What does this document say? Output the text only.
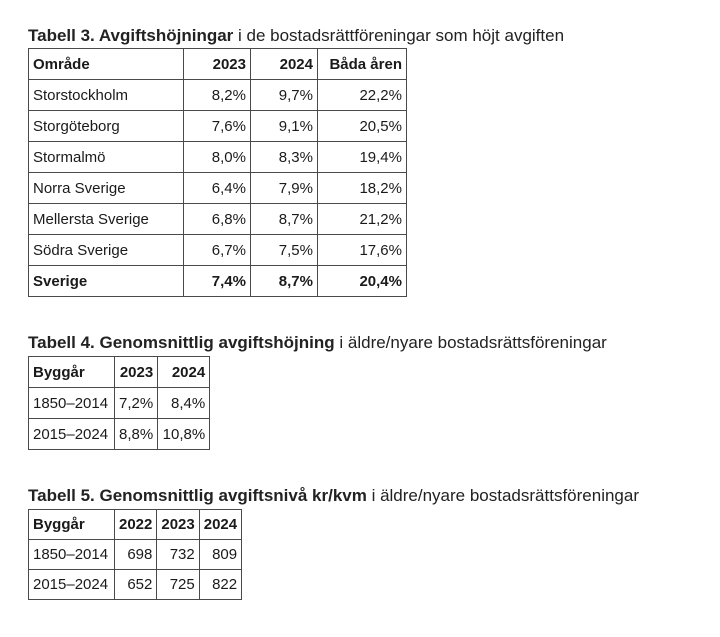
Tabell 3. Avgiftshöjningar i de bostadsrättföreningar som höjt avgiften
Område	2023	2024	Båda åren
Storstockholm	8,2%	9,7%	22,2%
Storgöteborg	7,6%	9,1%	20,5%
Stormalmö	8,0%	8,3%	19,4%
Norra Sverige	6,4%	7,9%	18,2%
Mellersta Sverige	6,8%	8,7%	21,2%
Södra Sverige	6,7%	7,5%	17,6%
Sverige	7,4%	8,7%	20,4%
Tabell 4. Genomsnittlig avgiftshöjning i äldre/nyare bostadsrättsföreningar
Byggår	2023	2024
1850–2014	7,2%	8,4%
2015–2024	8,8%	10,8%
Tabell 5. Genomsnittlig avgiftsnivå kr/kvm i äldre/nyare bostadsrättsföreningar
Byggår	2022	2023	2024
1850–2014	698	732	809
2015–2024	652	725	822
